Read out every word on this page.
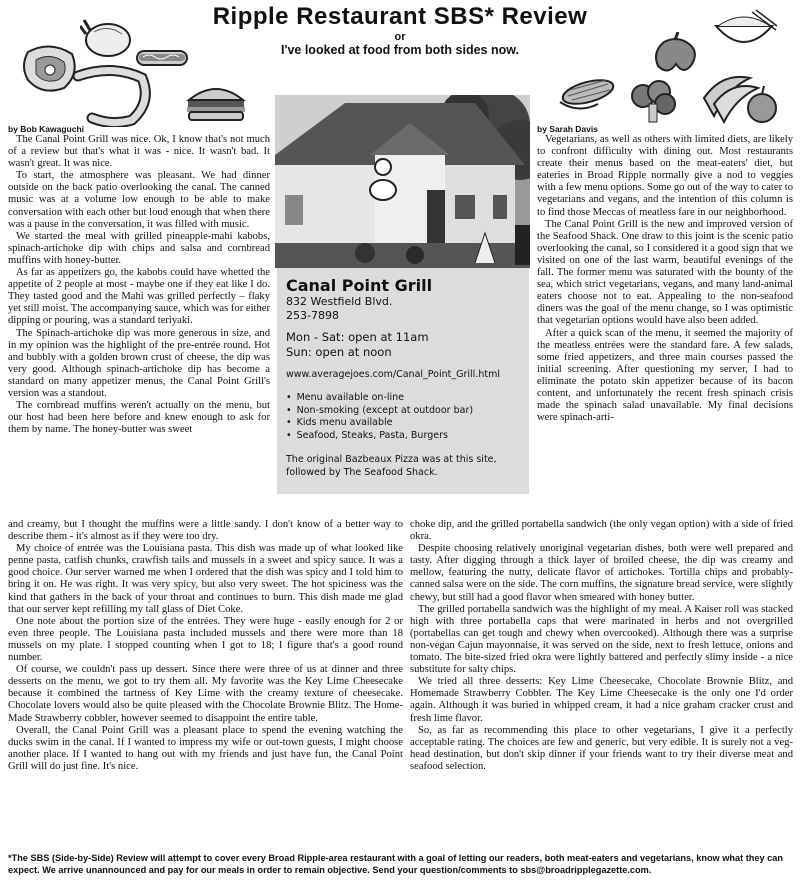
Ripple Restaurant SBS* Review
or
I've looked at food from both sides now.
by Bob Kawaguchi

The Canal Point Grill was nice. Ok, I know that's not much of a review but that's what it was - nice. It wasn't bad. It wasn't great. It was nice.

To start, the atmosphere was pleasant. We had dinner outside on the back patio overlooking the canal. The canned music was at a volume low enough to be able to make conversation with each other but loud enough that when there was a pause in the conversation, it was filled with music.

We started the meal with grilled pineapple-mahi kabobs, spinach-artichoke dip with chips and salsa and cornbread muffins with honey-butter.

As far as appetizers go, the kabobs could have whetted the appetite of 2 people at most - maybe one if they eat like I do. They tasted good and the Mahi was grilled perfectly – flaky yet still moist. The accompanying sauce, which was for either dipping or pouring, was a standard teriyaki.

The Spinach-artichoke dip was more generous in size, and in my opinion was the highlight of the pre-entrée round. Hot and bubbly with a golden brown crust of cheese, the dip was very good. Although spinach-artichoke dip has become a standard on many appetizer menus, the Canal Point Grill's version was a standout.

The cornbread muffins weren't actually on the menu, but our host had been here before and knew enough to ask for them by name. The honey-butter was sweet

by Sarah Davis

Vegetarians, as well as others with limited diets, are likely to confront difficulty with dining out. Most restaurants create their menus based on the meat-eaters' diet, but eateries in Broad Ripple normally give a nod to veggies with a few menu options. Some go out of the way to cater to vegetarians and vegans, and the intention of this column is to find those Meccas of meatless fare in our neighborhood.

The Canal Point Grill is the new and improved version of the Seafood Shack. One draw to this joint is the scenic patio overlooking the canal, so I considered it a good sign that we visited on one of the last warm, beautiful evenings of the fall. The former menu was saturated with the bounty of the sea, which strict vegetarians, vegans, and many land-animal eaters choose not to eat. Appealing to the non-seafood diners was the goal of the menu change, so I was optimistic that vegetarian options would have also been added.

After a quick scan of the menu, it seemed the majority of the meatless entrées were the standard fare. A few salads, some fried appetizers, and three main courses passed the initial screening. After questioning my server, I had to eliminate the potato skin appetizer because of its bacon content, and unfortunately the recent fresh spinach crisis made the spinach salad unavailable. My final decisions were spinach-arti-

Canal Point Grill
832 Westfield Blvd.
253-7898
Mon - Sat: open at 11am
Sun: open at noon
www.averagejoes.com/Canal_Point_Grill.html
• Menu available on-line
• Non-smoking (except at outdoor bar)
• Kids menu available
• Seafood, Steaks, Pasta, Burgers
The original Bazbeaux Pizza was at this site,
followed by The Seafood Shack.

and creamy, but I thought the muffins were a little sandy. I don't know of a better way to describe them - it's almost as if they were too dry.

My choice of entrée was the Louisiana pasta. This dish was made up of what looked like penne pasta, catfish chunks, crawfish tails and mussels in a sweet and spicy sauce. It was a good choice. Our server warned me when I ordered that the dish was spicy and I told him to bring it on. He was right. It was very spicy, but also very sweet. The hot spiciness was the kind that gathers in the back of your throat and continues to burn. This dish made me glad that our server kept refilling my tall glass of Diet Coke.

One note about the portion size of the entrées. They were huge - easily enough for 2 or even three people. The Louisiana pasta included mussels and there were more than 18 mussels on my plate. I stopped counting when I got to 18; I figure that's a good round number.

Of course, we couldn't pass up dessert. Since there were three of us at dinner and three desserts on the menu, we got to try them all. My favorite was the Key Lime Cheesecake because it combined the tartness of Key Lime with the creamy texture of cheesecake. Chocolate lovers would also be quite pleased with the Chocolate Brownie Blitz. The Home-Made Strawberry cobbler, however seemed to disappoint the entire table.

Overall, the Canal Point Grill was a pleasant place to spend the evening watching the ducks swim in the canal. If I wanted to impress my wife or out-town guests, I might choose another place. If I wanted to hang out with my friends and just have fun, the Canal Point Grill will do just fine. It's nice.

choke dip, and the grilled portabella sandwich (the only vegan option) with a side of fried okra.

Despite choosing relatively unoriginal vegetarian dishes, both were well prepared and tasty. After digging through a thick layer of broiled cheese, the dip was creamy and mellow, featuring the nutty, delicate flavor of artichokes. Tortilla chips and probably-canned salsa were on the side. The corn muffins, the signature bread service, were slightly chewy, but still had a good flavor when smeared with honey butter.

The grilled portabella sandwich was the highlight of my meal. A Kaiser roll was stacked high with three portabella caps that were marinated in herbs and not overgrilled (portabellas can get tough and chewy when overcooked). Although there was a surprise non-vegan Cajun mayonnaise, it was served on the side, next to fresh lettuce, onions and tomato. The bite-sized fried okra were lightly battered and perfectly slimy inside - a nice substitute for salty chips.

We tried all three desserts: Key Lime Cheesecake, Chocolate Brownie Blitz, and Homemade Strawberry Cobbler. The Key Lime Cheesecake is the only one I'd order again. Although it was buried in whipped cream, it had a nice graham cracker crust and fresh lime flavor.

So, as far as recommending this place to other vegetarians, I give it a perfectly acceptable rating. The choices are few and generic, but very edible. It is surely not a veg-head destination, but don't skip dinner if your friends want to try their diverse meat and seafood selection.

*The SBS (Side-by-Side) Review will attempt to cover every Broad Ripple-area restaurant with a goal of letting our readers, both meat-eaters and vegetarians, know what they can expect. We arrive unannounced and pay for our meals in order to remain objective. Send your question/comments to sbs@broadripplegazette.com.
